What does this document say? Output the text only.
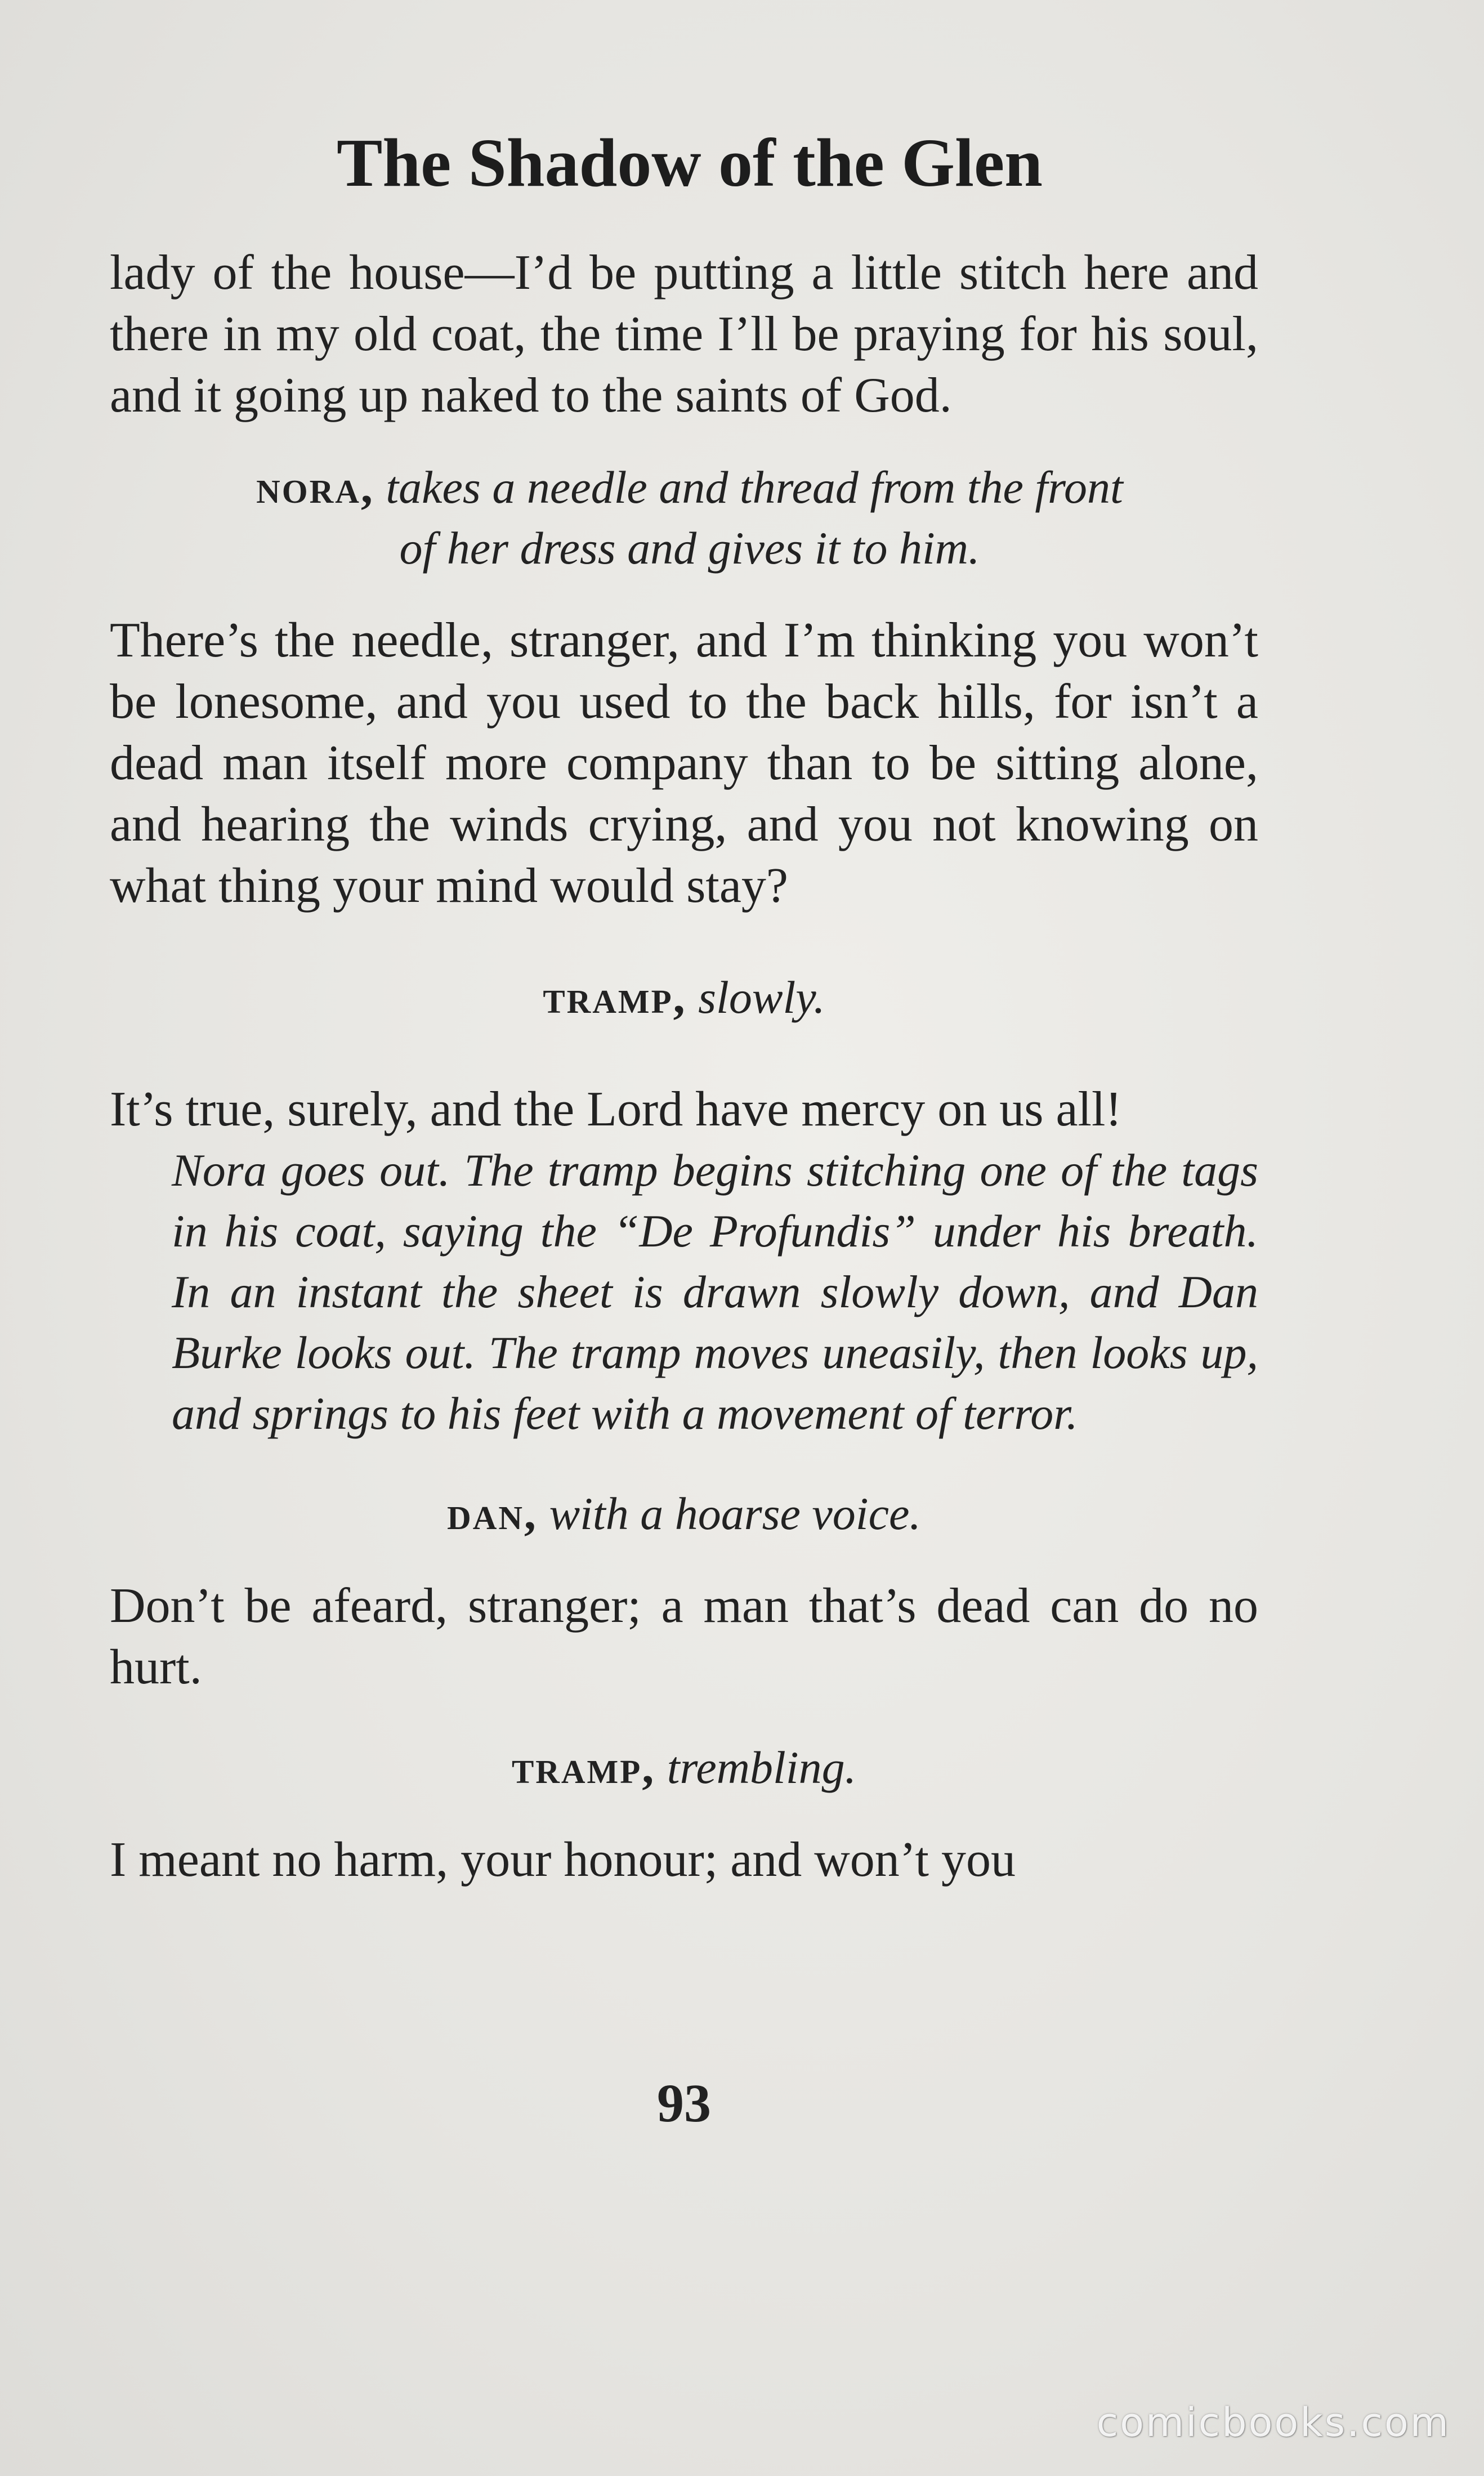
The Shadow of the Glen

lady of the house—I’d be putting a little stitch here and there in my old coat, the time I’ll be praying for his soul, and it going up naked to the saints of God.

nora, takes a needle and thread from the front
of her dress and gives it to him.

There’s the needle, stranger, and I’m thinking you won’t be lonesome, and you used to the back hills, for isn’t a dead man itself more company than to be sitting alone, and hearing the winds crying, and you not knowing on what thing your mind would stay?

tramp, slowly.

It’s true, surely, and the Lord have mercy on us all!

Nora goes out. The tramp begins stitching one of the tags in his coat, saying the “De Profundis” under his breath. In an instant the sheet is drawn slowly down, and Dan Burke looks out. The tramp moves uneasily, then looks up, and springs to his feet with a movement of terror.

dan, with a hoarse voice.

Don’t be afeard, stranger; a man that’s dead can do no hurt.

tramp, trembling.

I meant no harm, your honour; and won’t you

93
comicbooks.com
